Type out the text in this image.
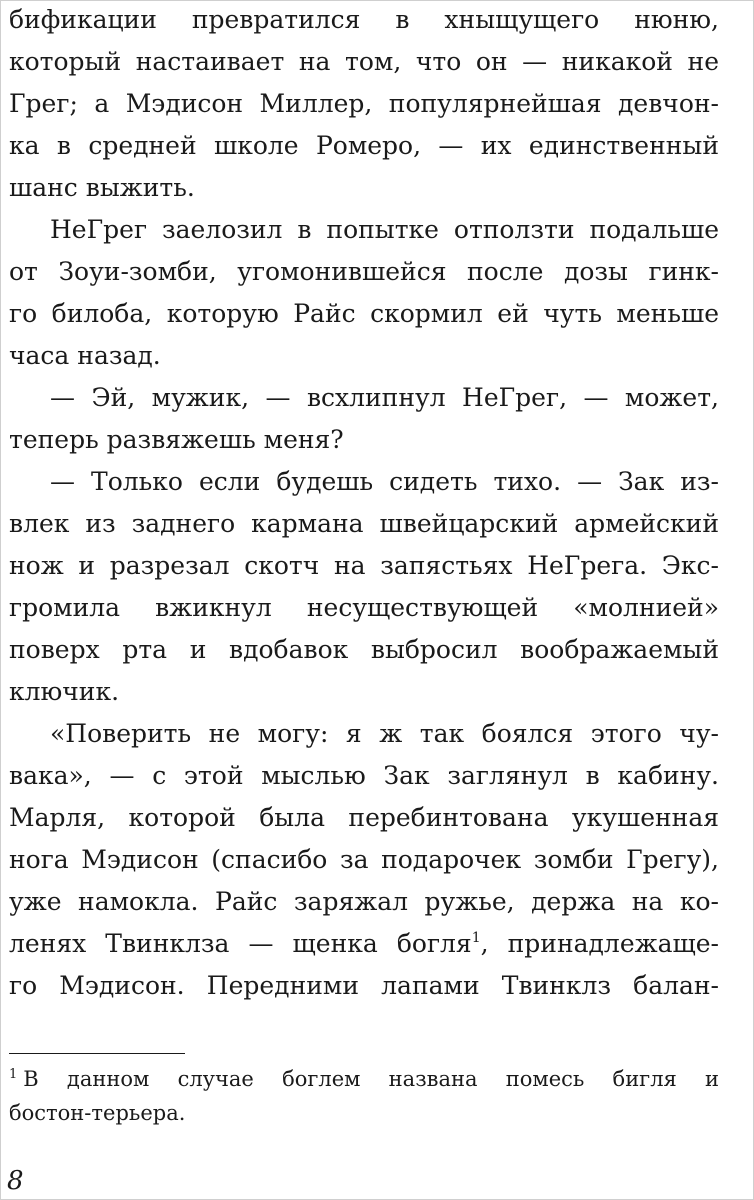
бификации превратился в хныщущего нюню,
который настаивает на том, что он — никакой не
Грег; а Мэдисон Миллер, популярнейшая девчон-
ка в средней школе Ромеро, — их единственный
шанс выжить.
НеГрег заелозил в попытке отползти подальше
от Зоуи-зомби, угомонившейся после дозы гинк-
го билоба, которую Райс скормил ей чуть меньше
часа назад.
— Эй, мужик, — всхлипнул НеГрег, — может,
теперь развяжешь меня?
— Только если будешь сидеть тихо. — Зак из-
влек из заднего кармана швейцарский армейский
нож и разрезал скотч на запястьях НеГрега. Экс-
громила вжикнул несуществующей «молнией»
поверх рта и вдобавок выбросил воображаемый
ключик.
«Поверить не могу: я ж так боялся этого чу-
вака», — с этой мыслью Зак заглянул в кабину.
Марля, которой была перебинтована укушенная
нога Мэдисон (спасибо за подарочек зомби Грегу),
уже намокла. Райс заряжал ружье, держа на ко-
ленях Твинклза — щенка богля$^1$, принадлежаще-
го Мэдисон. Передними лапами Твинклз балан-
$^1$ В данном случае боглем названа помесь бигля и
бостон-терьера.
8
